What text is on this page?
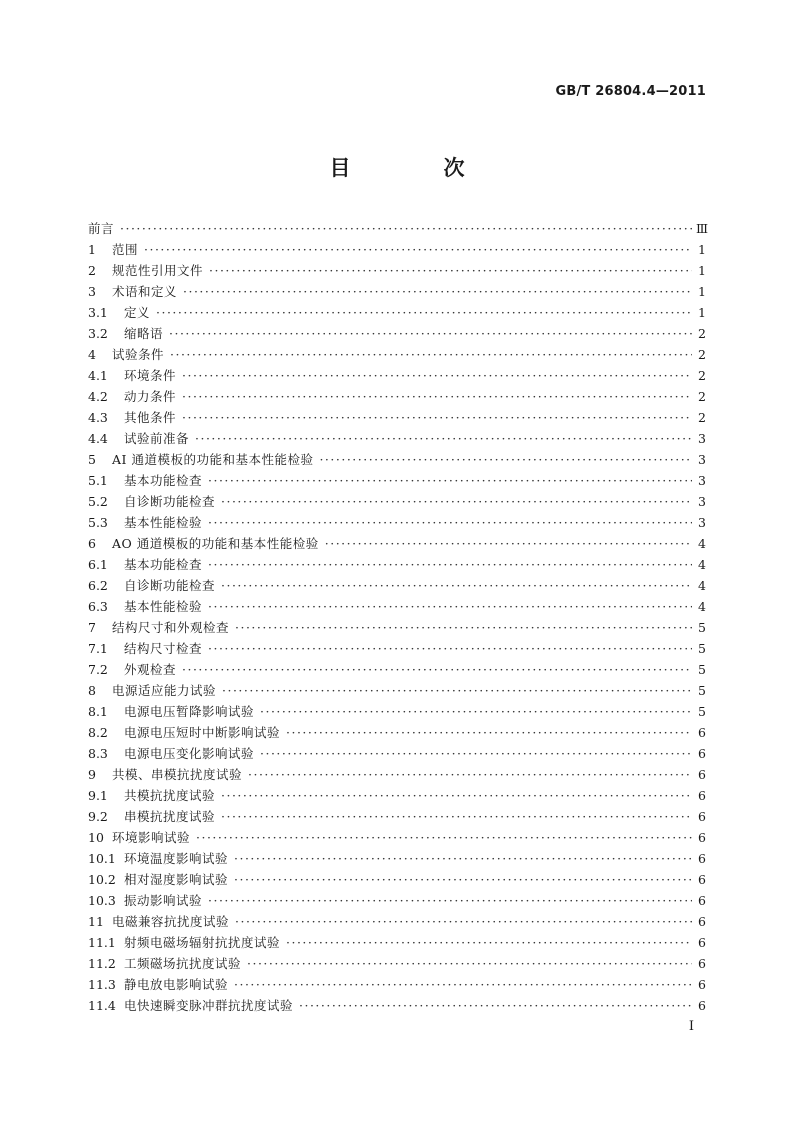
GB/T 26804.4—2011
目　次
前言 ·····	Ⅲ
1	范围 ·····	1
2	规范性引用文件 ·····	1
3	术语和定义 ·····	1
3.1	定义 ·····	1
3.2	缩略语 ·····	2
4	试验条件 ·····	2
4.1	环境条件 ·····	2
4.2	动力条件 ·····	2
4.3	其他条件 ·····	2
4.4	试验前准备 ·····	3
5	AI 通道模板的功能和基本性能检验 ·····	3
5.1	基本功能检查 ·····	3
5.2	自诊断功能检查 ·····	3
5.3	基本性能检验 ·····	3
6	AO 通道模板的功能和基本性能检验 ·····	4
6.1	基本功能检查 ·····	4
6.2	自诊断功能检查 ·····	4
6.3	基本性能检验 ·····	4
7	结构尺寸和外观检查 ·····	5
7.1	结构尺寸检查 ·····	5
7.2	外观检查 ·····	5
8	电源适应能力试验 ·····	5
8.1	电源电压暂降影响试验 ·····	5
8.2	电源电压短时中断影响试验 ·····	6
8.3	电源电压变化影响试验 ·····	6
9	共模、串模抗扰度试验 ·····	6
9.1	共模抗扰度试验 ·····	6
9.2	串模抗扰度试验 ·····	6
10 环境影响试验 ·····	6
10.1 环境温度影响试验 ·····	6
10.2 相对湿度影响试验 ·····	6
10.3 振动影响试验 ·····	6
11 电磁兼容抗扰度试验 ·····	6
11.1 射频电磁场辐射抗扰度试验 ·····	6
11.2 工频磁场抗扰度试验 ·····	6
11.3 静电放电影响试验 ·····	6
11.4 电快速瞬变脉冲群抗扰度试验 ·····	6
I
